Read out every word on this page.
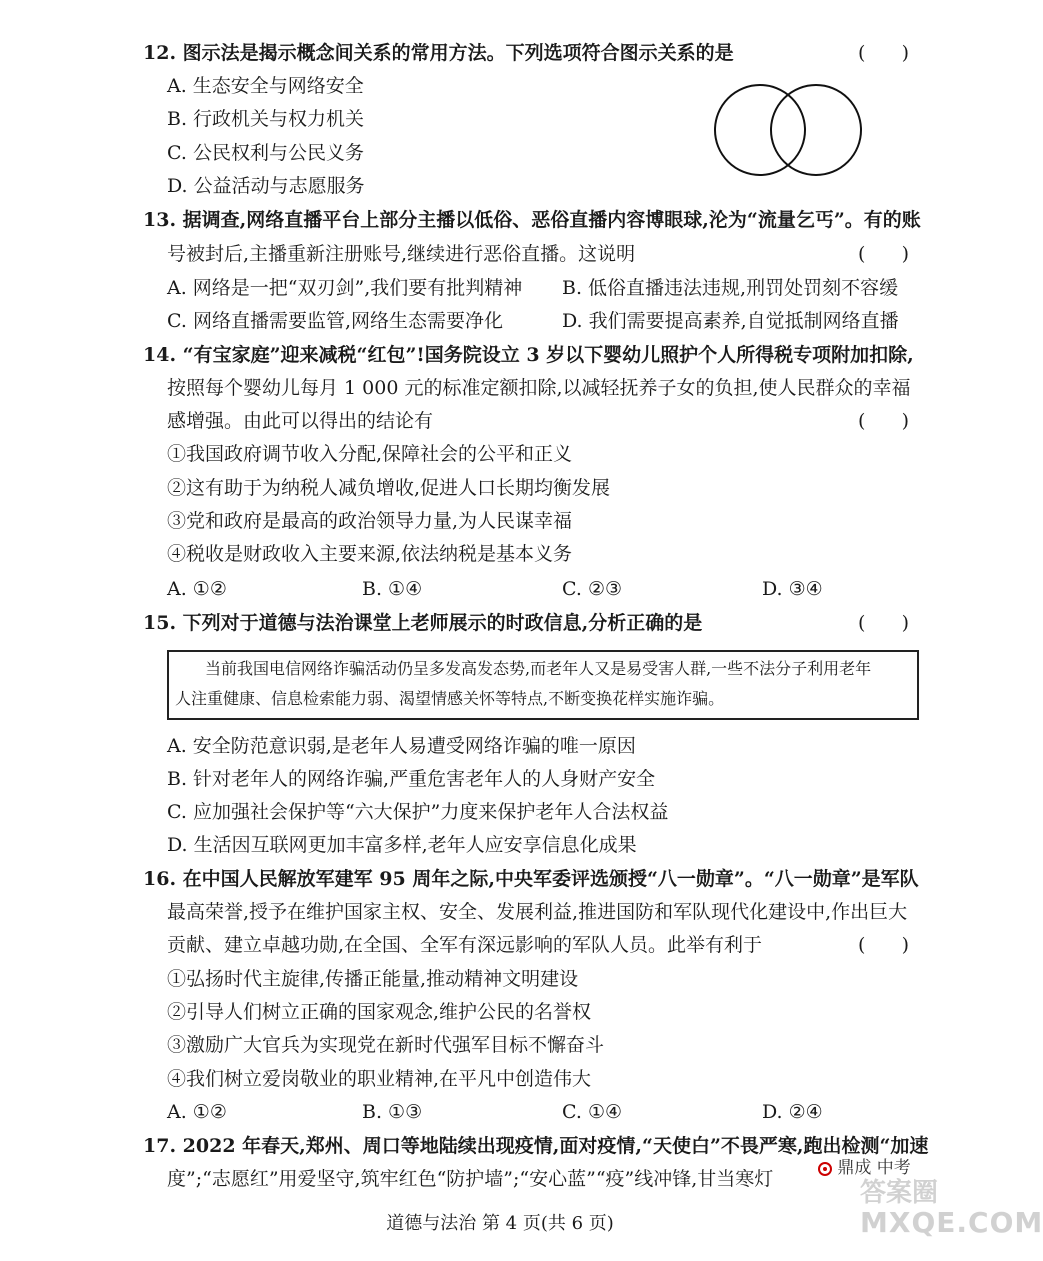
12. 图示法是揭示概念间关系的常用方法。下列选项符合图示关系的是	(      )
A. 生态安全与网络安全
B. 行政机关与权力机关
C. 公民权利与公民义务
D. 公益活动与志愿服务
13. 据调查,网络直播平台上部分主播以低俗、恶俗直播内容博眼球,沦为“流量乞丐”。有的账
号被封后,主播重新注册账号,继续进行恶俗直播。这说明	(      )
A. 网络是一把“双刃剑”,我们要有批判精神 B. 低俗直播违法违规,刑罚处罚刻不容缓
C. 网络直播需要监管,网络生态需要净化	D. 我们需要提高素养,自觉抵制网络直播
14. “有宝家庭”迎来减税“红包”!国务院设立 3 岁以下婴幼儿照护个人所得税专项附加扣除,
按照每个婴幼儿每月 1 000 元的标准定额扣除,以减轻抚养子女的负担,使人民群众的幸福
感增强。由此可以得出的结论有	(      )
①我国政府调节收入分配,保障社会的公平和正义
②这有助于为纳税人减负增收,促进人口长期均衡发展
③党和政府是最高的政治领导力量,为人民谋幸福
④税收是财政收入主要来源,依法纳税是基本义务
A. ①②	B. ①④	C. ②③	D. ③④
15. 下列对于道德与法治课堂上老师展示的时政信息,分析正确的是	(      )
当前我国电信网络诈骗活动仍呈多发高发态势,而老年人又是易受害人群,一些不法分子利用老年
人注重健康、信息检索能力弱、渴望情感关怀等特点,不断变换花样实施诈骗。
A. 安全防范意识弱,是老年人易遭受网络诈骗的唯一原因
B. 针对老年人的网络诈骗,严重危害老年人的人身财产安全
C. 应加强社会保护等“六大保护”力度来保护老年人合法权益
D. 生活因互联网更加丰富多样,老年人应安享信息化成果
16. 在中国人民解放军建军 95 周年之际,中央军委评选颁授“八一勋章”。“八一勋章”是军队
最高荣誉,授予在维护国家主权、安全、发展利益,推进国防和军队现代化建设中,作出巨大
贡献、建立卓越功勋,在全国、全军有深远影响的军队人员。此举有利于	(      )
①弘扬时代主旋律,传播正能量,推动精神文明建设
②引导人们树立正确的国家观念,维护公民的名誉权
③激励广大官兵为实现党在新时代强军目标不懈奋斗
④我们树立爱岗敬业的职业精神,在平凡中创造伟大
A. ①②	B. ①③	C. ①④	D. ②④
17. 2022 年春天,郑州、周口等地陆续出现疫情,面对疫情,“天使白”不畏严寒,跑出检测“加速
度”;“志愿红”用爱坚守,筑牢红色“防护墙”;“安心蓝”“疫”线冲锋,甘当寒灯	鼎成 中考
答案圈
MXQE.COM
道德与法治 第 4 页(共 6 页)
